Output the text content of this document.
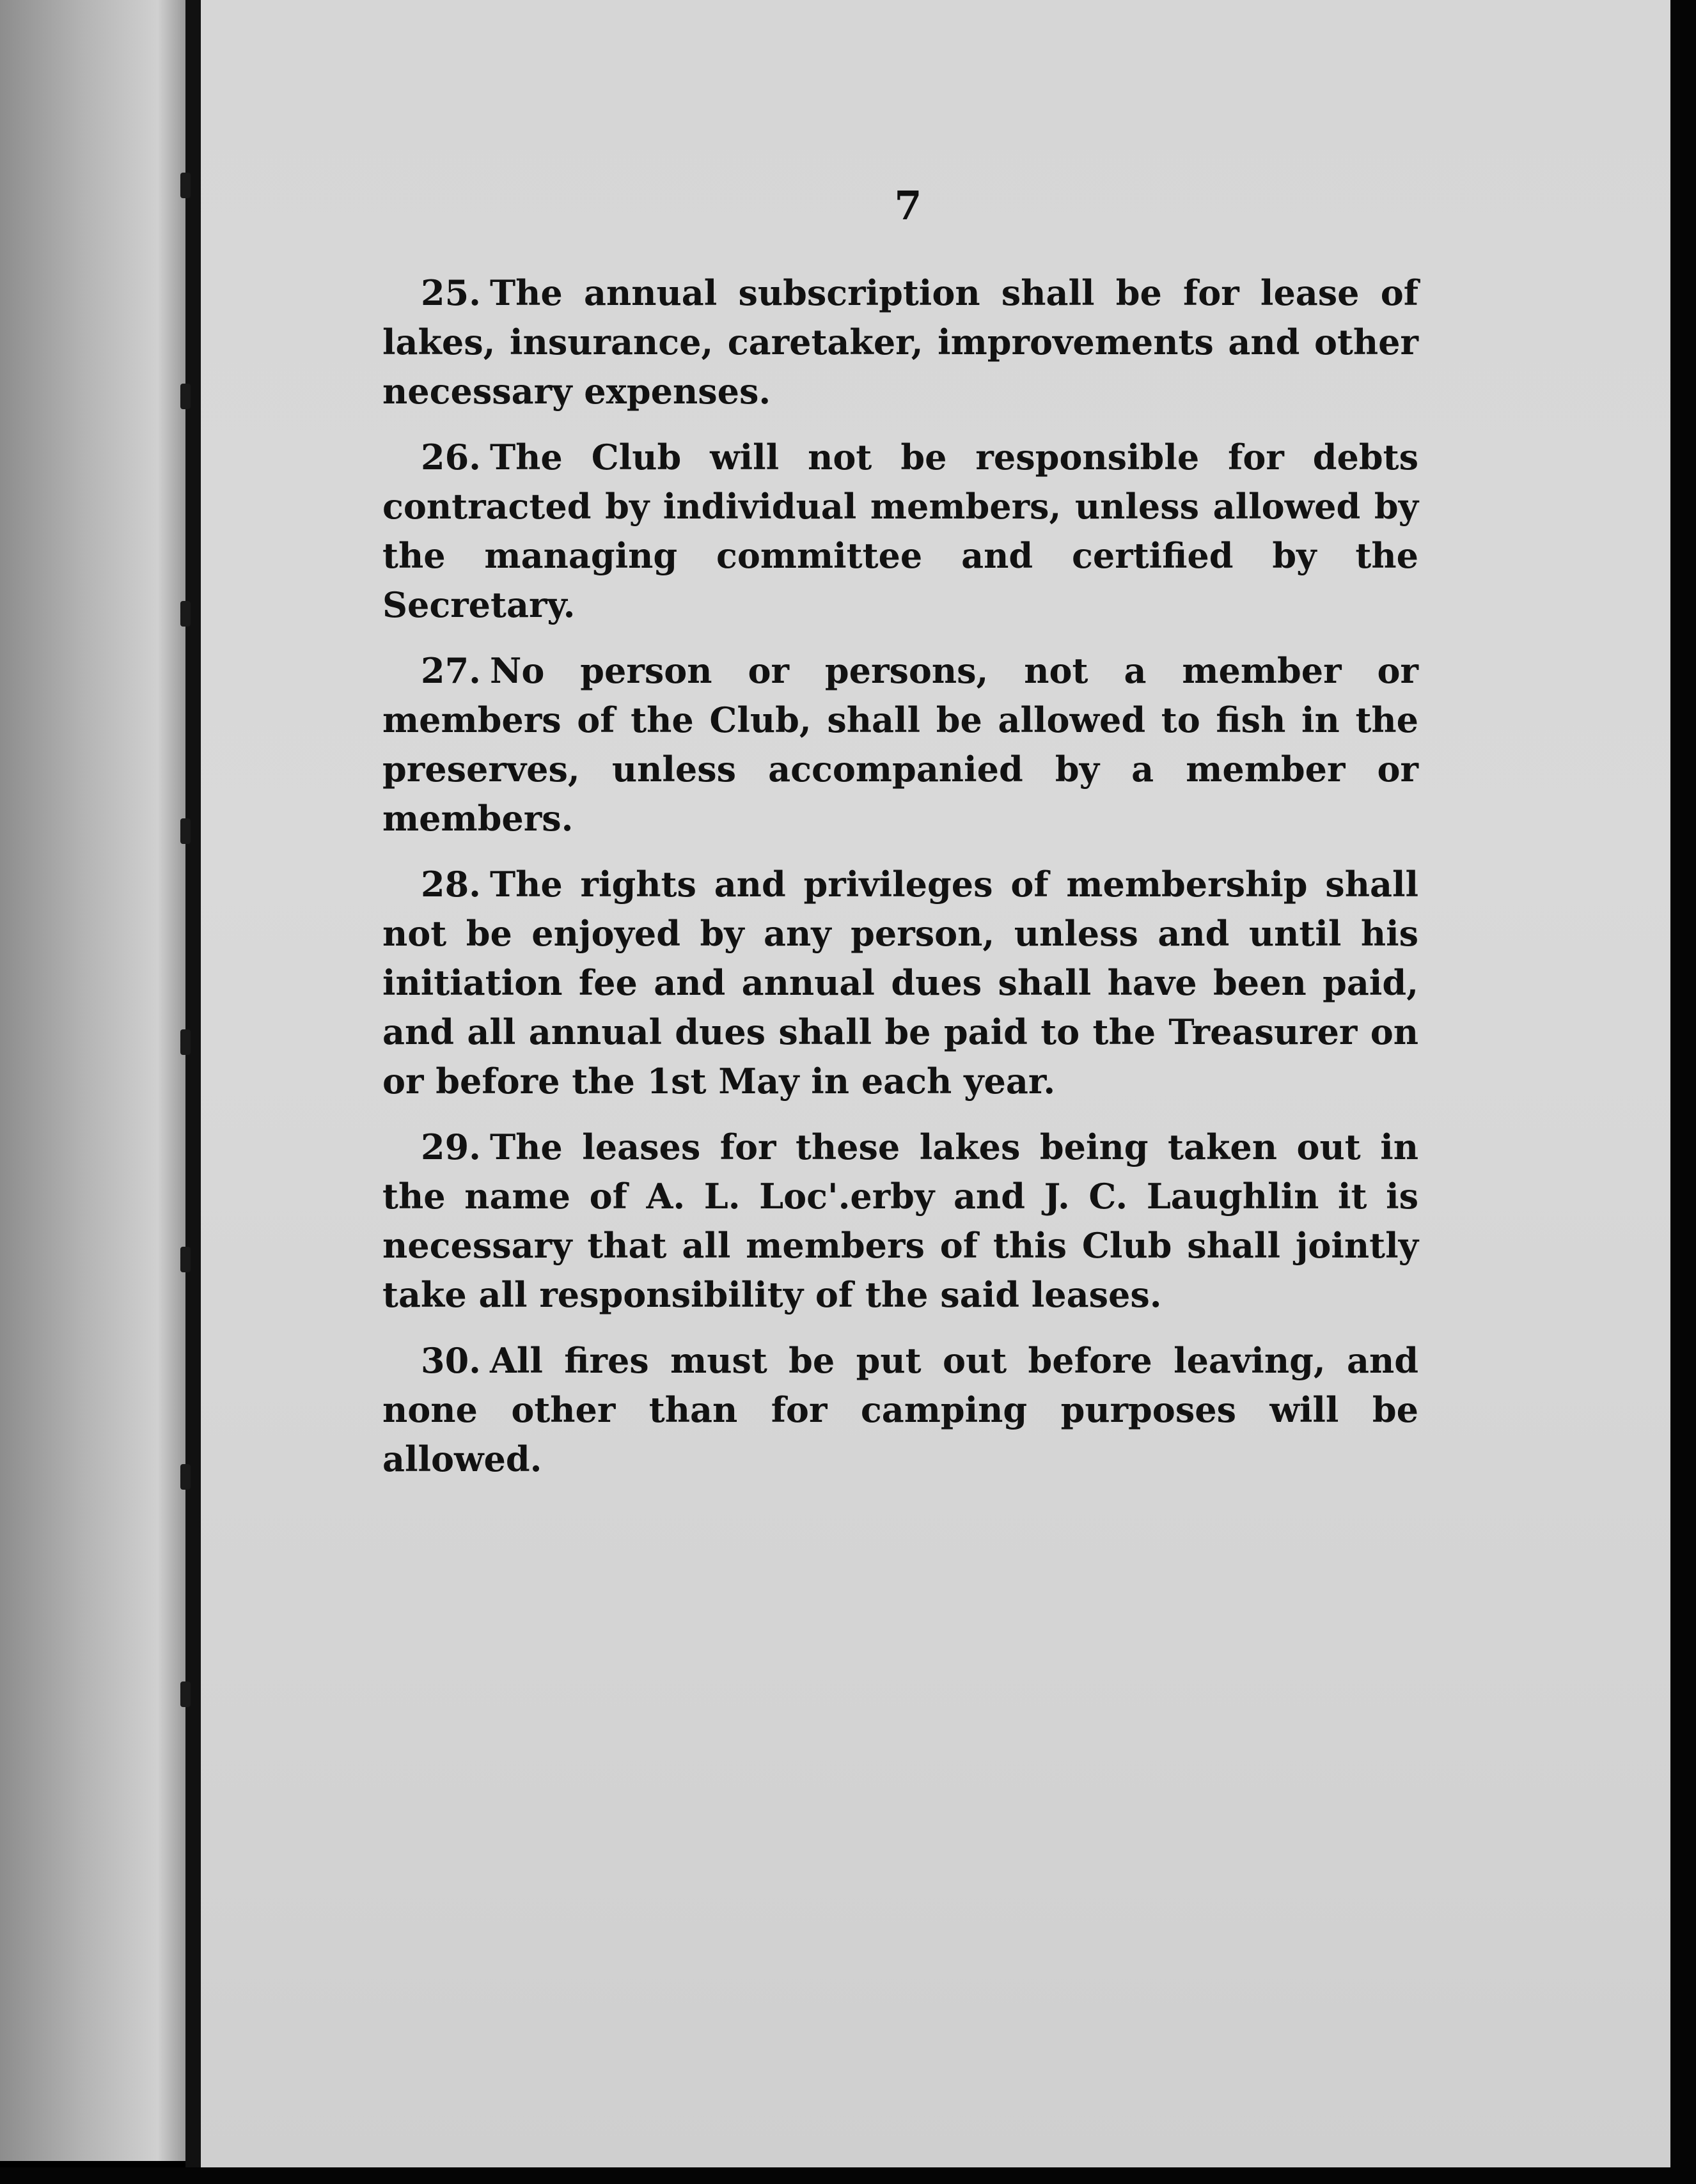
7

25. The annual subscription shall be for lease of lakes, insurance, caretaker, improvements and other necessary expenses.

26. The Club will not be responsible for debts contracted by individual members, unless allowed by the managing committee and certified by the Secretary.

27. No person or persons, not a member or members of the Club, shall be allowed to fish in the preserves, unless accompanied by a member or members.

28. The rights and privileges of membership shall not be enjoyed by any person, unless and until his initiation fee and annual dues shall have been paid, and all annual dues shall be paid to the Treasurer on or before the 1st May in each year.

29. The leases for these lakes being taken out in the name of A. L. Loc'.erby and J. C. Laughlin it is necessary that all members of this Club shall jointly take all responsibility of the said leases.

30. All fires must be put out before leaving, and none other than for camping purposes will be allowed.
